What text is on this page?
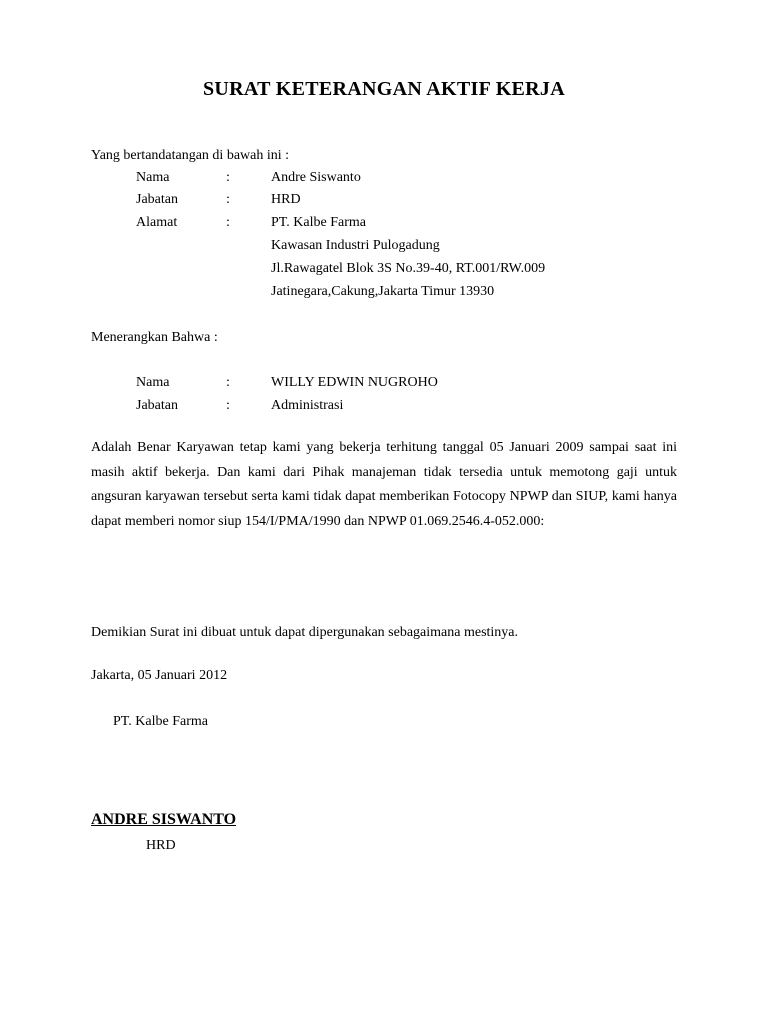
SURAT KETERANGAN AKTIF KERJA
Yang bertandatangan di bawah ini :
Nama	:	Andre Siswanto
Jabatan	:	HRD
Alamat	:	PT. Kalbe Farma
Kawasan Industri Pulogadung
Jl.Rawagatel Blok 3S No.39-40, RT.001/RW.009
Jatinegara,Cakung,Jakarta Timur 13930
Menerangkan Bahwa :
Nama	:	WILLY EDWIN NUGROHO
Jabatan	:	Administrasi
Adalah Benar Karyawan tetap kami yang bekerja terhitung tanggal 05 Januari 2009 sampai saat ini masih aktif bekerja. Dan kami dari Pihak manajeman tidak tersedia untuk memotong gaji untuk angsuran karyawan tersebut serta kami tidak dapat memberikan Fotocopy NPWP dan SIUP, kami hanya dapat memberi nomor siup 154/I/PMA/1990 dan NPWP 01.069.2546.4-052.000:
Demikian Surat ini dibuat untuk dapat dipergunakan sebagaimana mestinya.
Jakarta, 05 Januari 2012
PT. Kalbe Farma
ANDRE SISWANTO
HRD
